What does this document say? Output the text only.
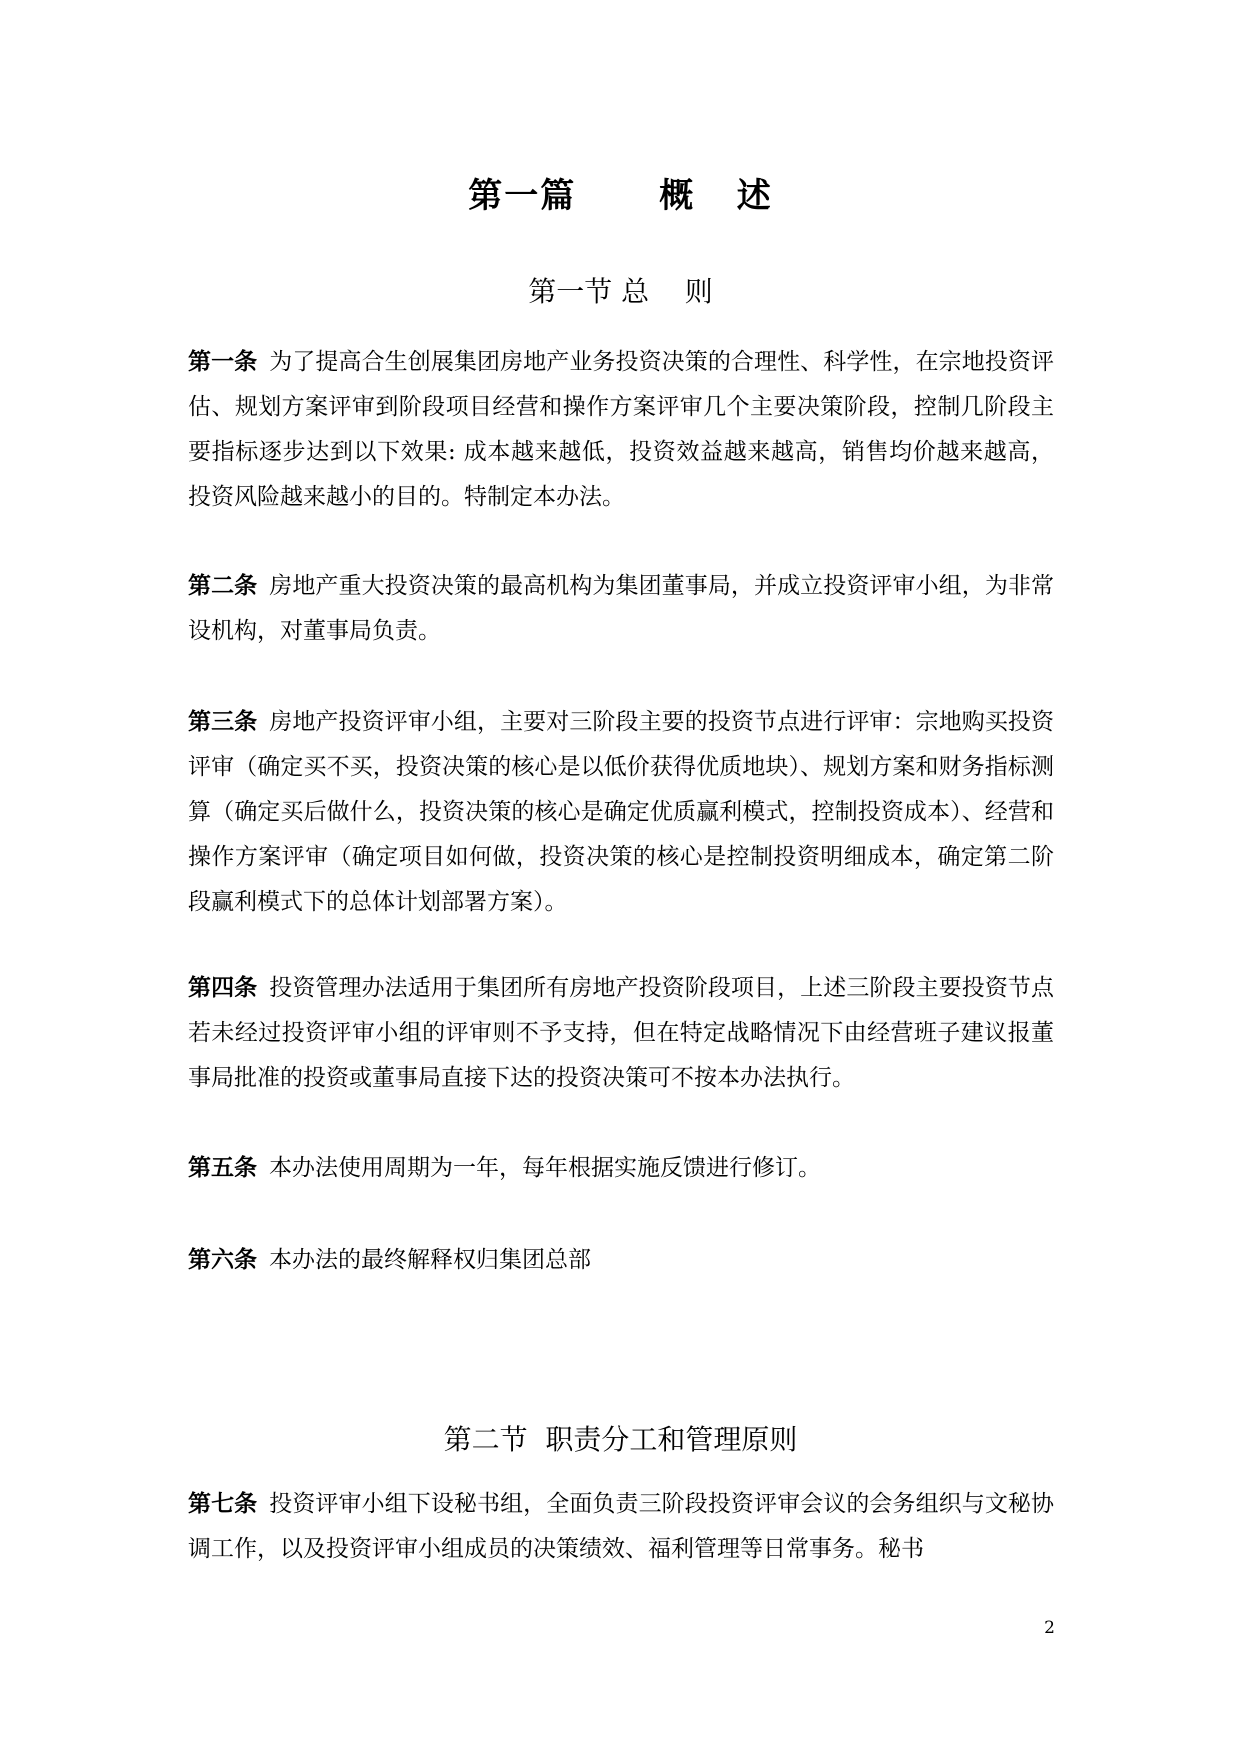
第一篇      概   述
第一节 总    则
第一条 为了提高合生创展集团房地产业务投资决策的合理性、科学性，在宗地投资评估、规划方案评审到阶段项目经营和操作方案评审几个主要决策阶段，控制几阶段主要指标逐步达到以下效果: 成本越来越低，投资效益越来越高，销售均价越来越高，投资风险越来越小的目的。特制定本办法。
第二条 房地产重大投资决策的最高机构为集团董事局，并成立投资评审小组，为非常设机构，对董事局负责。
第三条 房地产投资评审小组，主要对三阶段主要的投资节点进行评审：宗地购买投资评审（确定买不买，投资决策的核心是以低价获得优质地块）、规划方案和财务指标测算（确定买后做什么，投资决策的核心是确定优质赢利模式，控制投资成本）、经营和操作方案评审（确定项目如何做，投资决策的核心是控制投资明细成本，确定第二阶段赢利模式下的总体计划部署方案）。
第四条 投资管理办法适用于集团所有房地产投资阶段项目，上述三阶段主要投资节点若未经过投资评审小组的评审则不予支持，但在特定战略情况下由经营班子建议报董事局批准的投资或董事局直接下达的投资决策可不按本办法执行。
第五条 本办法使用周期为一年，每年根据实施反馈进行修订。
第六条 本办法的最终解释权归集团总部
第二节  职责分工和管理原则
第七条 投资评审小组下设秘书组，全面负责三阶段投资评审会议的会务组织与文秘协调工作，以及投资评审小组成员的决策绩效、福利管理等日常事务。秘书
2
